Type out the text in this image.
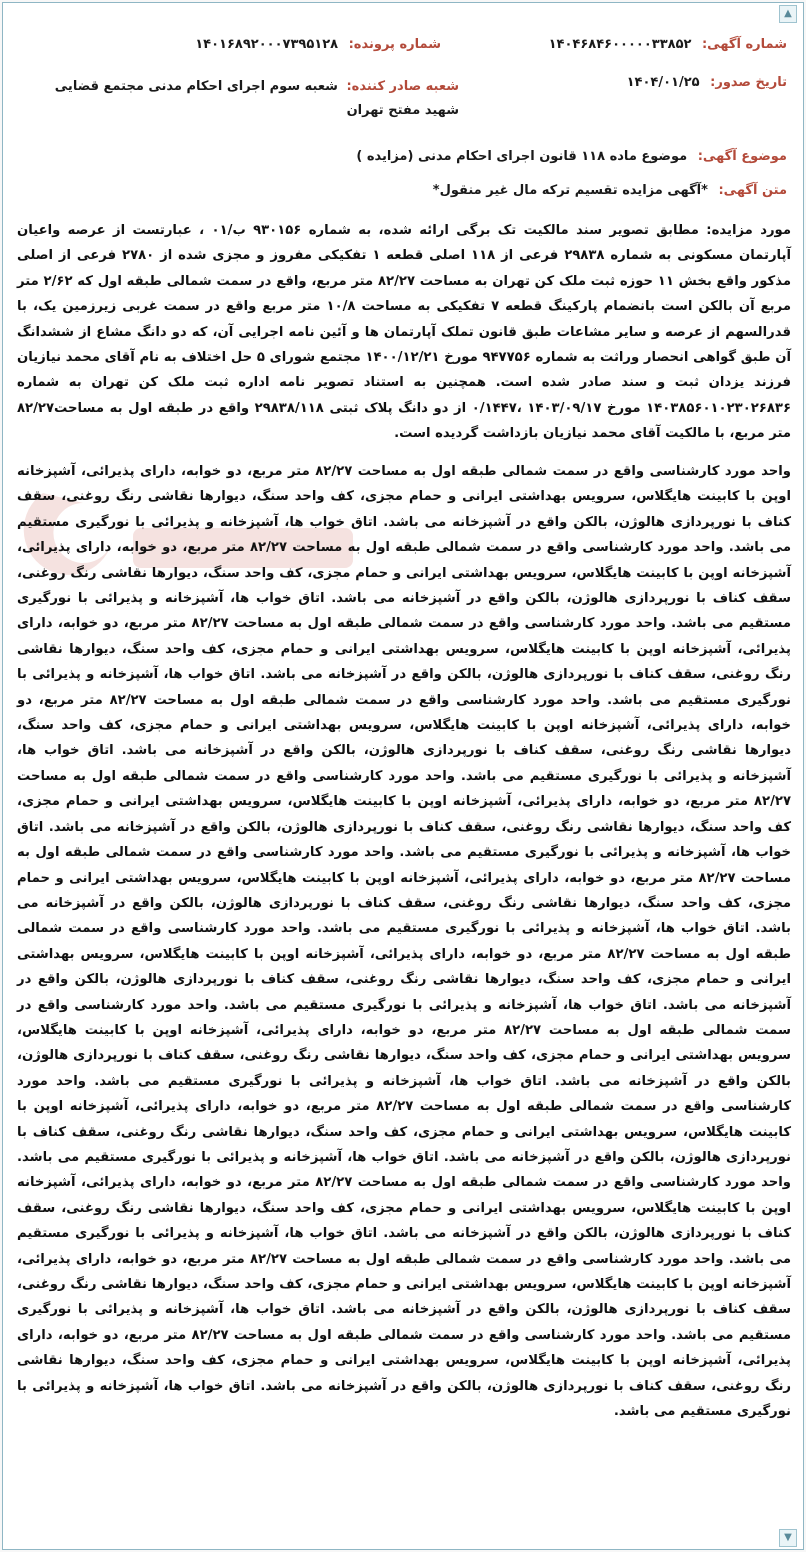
شماره آگهی: ۱۴۰۴۶۸۴۶۰۰۰۰۰۳۳۸۵۲
شماره پرونده: ۱۴۰۱۶۸۹۲۰۰۰۷۳۹۵۱۲۸
تاریخ صدور: ۱۴۰۴/۰۱/۲۵
شعبه صادر کننده: شعبه سوم اجرای احکام مدنی مجتمع قضایی شهید مفتح تهران
موضوع آگهی: موضوع ماده ۱۱۸ قانون اجرای احکام مدنی (مزایده )
متن آگهی: *آگهی مزایده تقسیم ترکه مال غیر منقول*
مورد مزایده: مطابق تصویر سند مالکیت تک برگی ارائه شده، به شماره ۹۳۰۱۵۶ ب/۰۱ ، عبارتست از عرصه واعیان آپارتمان مسکونی به شماره ۲۹۸۳۸ فرعی از ۱۱۸ اصلی قطعه ۱ تفکیکی مفروز و مجزی شده از ۲۷۸۰ فرعی از اصلی مذکور واقع بخش ۱۱ حوزه ثبت ملک کن تهران به مساحت ۸۲/۲۷ متر مربع، واقع در سمت شمالی طبقه اول که ۲/۶۲ متر مربع آن بالکن است بانضمام پارکینگ قطعه ۷ تفکیکی به مساحت ۱۰/۸ متر مربع واقع در سمت غربی زیرزمین یک، با قدرالسهم از عرصه و سایر مشاعات طبق قانون تملک آپارتمان ها و آئین نامه اجرایی آن، که دو دانگ مشاع از ششدانگ آن طبق گواهی انحصار وراثت به شماره ۹۴۷۷۵۶ مورخ ۱۴۰۰/۱۲/۲۱ مجتمع شورای ۵ حل اختلاف به نام آقای محمد نیازیان فرزند یزدان ثبت و سند صادر شده است. همچنین به استناد تصویر نامه اداره ثبت ملک کن تهران به شماره ۱۴۰۳۸۵۶۰۱۰۲۳۰۲۶۸۳۶ مورخ ۱۴۰۳/۰۹/۱۷ ،۰/۱۴۴۷ از دو دانگ پلاک ثبتی ۲۹۸۳۸/۱۱۸ واقع در طبقه اول به مساحت۸۲/۲۷ متر مربع، با مالکیت آقای محمد نیازیان بازداشت گردیده است.
واحد مورد کارشناسی واقع در سمت شمالی طبقه اول به مساحت ۸۲/۲۷ متر مربع، دو خوابه، دارای پذیرائی، آشپزخانه اوپن با کابینت هایگلاس، سرویس بهداشتی ایرانی و حمام مجزی، کف واحد سنگ، دیوارها نقاشی رنگ روغنی، سقف کناف با نورپردازی هالوژن، بالکن واقع در آشپزخانه می باشد. اتاق خواب ها، آشپزخانه و پذیرائی با نورگیری مستقیم می باشد. واحد مورد کارشناسی واقع در سمت شمالی طبقه اول به مساحت ۸۲/۲۷ متر مربع، دو خوابه، دارای پذیرائی، آشپزخانه اوپن با کابینت هایگلاس، سرویس بهداشتی ایرانی و حمام مجزی، کف واحد سنگ، دیوارها نقاشی رنگ روغنی، سقف کناف با نورپردازی هالوژن، بالکن واقع در آشپزخانه می باشد. اتاق خواب ها، آشپزخانه و پذیرائی با نورگیری مستقیم می باشد. واحد مورد کارشناسی واقع در سمت شمالی طبقه اول به مساحت ۸۲/۲۷ متر مربع، دو خوابه، دارای پذیرائی، آشپزخانه اوپن با کابینت هایگلاس، سرویس بهداشتی ایرانی و حمام مجزی، کف واحد سنگ، دیوارها نقاشی رنگ روغنی، سقف کناف با نورپردازی هالوژن، بالکن واقع در آشپزخانه می باشد. اتاق خواب ها، آشپزخانه و پذیرائی با نورگیری مستقیم می باشد. واحد مورد کارشناسی واقع در سمت شمالی طبقه اول به مساحت ۸۲/۲۷ متر مربع، دو خوابه، دارای پذیرائی، آشپزخانه اوپن با کابینت هایگلاس، سرویس بهداشتی ایرانی و حمام مجزی، کف واحد سنگ، دیوارها نقاشی رنگ روغنی، سقف کناف با نورپردازی هالوژن، بالکن واقع در آشپزخانه می باشد. اتاق خواب ها، آشپزخانه و پذیرائی با نورگیری مستقیم می باشد. واحد مورد کارشناسی واقع در سمت شمالی طبقه اول به مساحت ۸۲/۲۷ متر مربع، دو خوابه، دارای پذیرائی، آشپزخانه اوپن با کابینت هایگلاس، سرویس بهداشتی ایرانی و حمام مجزی، کف واحد سنگ، دیوارها نقاشی رنگ روغنی، سقف کناف با نورپردازی هالوژن، بالکن واقع در آشپزخانه می باشد. اتاق خواب ها، آشپزخانه و پذیرائی با نورگیری مستقیم می باشد. واحد مورد کارشناسی واقع در سمت شمالی طبقه اول به مساحت ۸۲/۲۷ متر مربع، دو خوابه، دارای پذیرائی، آشپزخانه اوپن با کابینت هایگلاس، سرویس بهداشتی ایرانی و حمام مجزی، کف واحد سنگ، دیوارها نقاشی رنگ روغنی، سقف کناف با نورپردازی هالوژن، بالکن واقع در آشپزخانه می باشد. اتاق خواب ها، آشپزخانه و پذیرائی با نورگیری مستقیم می باشد. واحد مورد کارشناسی واقع در سمت شمالی طبقه اول به مساحت ۸۲/۲۷ متر مربع، دو خوابه، دارای پذیرائی، آشپزخانه اوپن با کابینت هایگلاس، سرویس بهداشتی ایرانی و حمام مجزی، کف واحد سنگ، دیوارها نقاشی رنگ روغنی، سقف کناف با نورپردازی هالوژن، بالکن واقع در آشپزخانه می باشد. اتاق خواب ها، آشپزخانه و پذیرائی با نورگیری مستقیم می باشد. واحد مورد کارشناسی واقع در سمت شمالی طبقه اول به مساحت ۸۲/۲۷ متر مربع، دو خوابه، دارای پذیرائی، آشپزخانه اوپن با کابینت هایگلاس، سرویس بهداشتی ایرانی و حمام مجزی، کف واحد سنگ، دیوارها نقاشی رنگ روغنی، سقف کناف با نورپردازی هالوژن، بالکن واقع در آشپزخانه می باشد. اتاق خواب ها، آشپزخانه و پذیرائی با نورگیری مستقیم می باشد. واحد مورد کارشناسی واقع در سمت شمالی طبقه اول به مساحت ۸۲/۲۷ متر مربع، دو خوابه، دارای پذیرائی، آشپزخانه اوپن با کابینت هایگلاس، سرویس بهداشتی ایرانی و حمام مجزی، کف واحد سنگ، دیوارها نقاشی رنگ روغنی، سقف کناف با نورپردازی هالوژن، بالکن واقع در آشپزخانه می باشد. اتاق خواب ها، آشپزخانه و پذیرائی با نورگیری مستقیم می باشد. واحد مورد کارشناسی واقع در سمت شمالی طبقه اول به مساحت ۸۲/۲۷ متر مربع، دو خوابه، دارای پذیرائی، آشپزخانه اوپن با کابینت هایگلاس، سرویس بهداشتی ایرانی و حمام مجزی، کف واحد سنگ، دیوارها نقاشی رنگ روغنی، سقف کناف با نورپردازی هالوژن، بالکن واقع در آشپزخانه می باشد. اتاق خواب ها، آشپزخانه و پذیرائی با نورگیری مستقیم می باشد. واحد مورد کارشناسی واقع در سمت شمالی طبقه اول به مساحت ۸۲/۲۷ متر مربع، دو خوابه، دارای پذیرائی، آشپزخانه اوپن با کابینت هایگلاس، سرویس بهداشتی ایرانی و حمام مجزی، کف واحد سنگ، دیوارها نقاشی رنگ روغنی، سقف کناف با نورپردازی هالوژن، بالکن واقع در آشپزخانه می باشد. اتاق خواب ها، آشپزخانه و پذیرائی با نورگیری مستقیم می باشد. واحد مورد کارشناسی واقع در سمت شمالی طبقه اول به مساحت ۸۲/۲۷ متر مربع، دو خوابه، دارای پذیرائی، آشپزخانه اوپن با کابینت هایگلاس، سرویس بهداشتی ایرانی و حمام مجزی، کف واحد سنگ، دیوارها نقاشی رنگ روغنی، سقف کناف با نورپردازی هالوژن، بالکن واقع در آشپزخانه می باشد. اتاق خواب ها، آشپزخانه و پذیرائی با نورگیری مستقیم می باشد.
▲
▼
